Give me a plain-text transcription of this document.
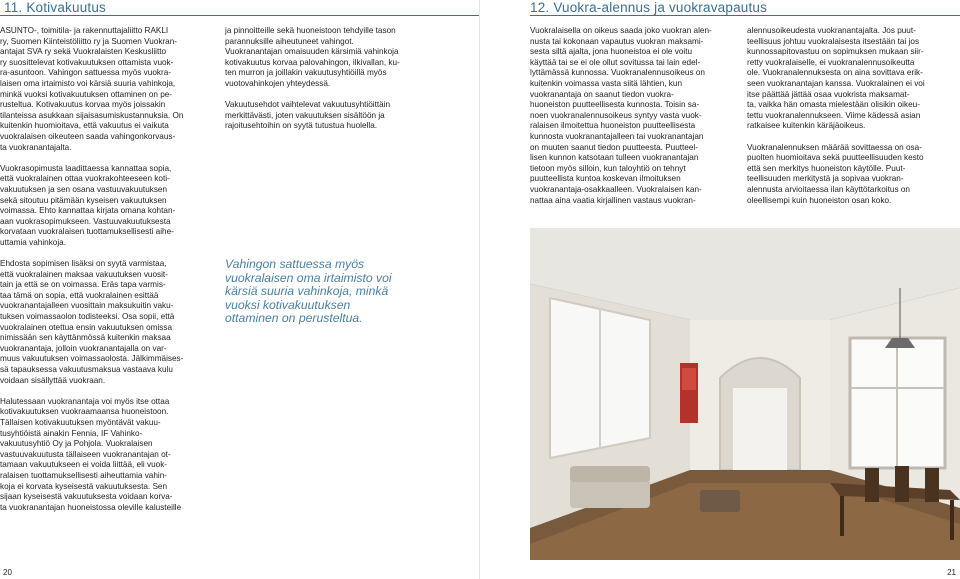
11. Kotivakuutus

ASUNTO-, toimitila- ja rakennuttajaliitto RAKLI
ry, Suomen Kiinteistöliitto ry ja Suomen Vuokran-
antajat SVA ry sekä Vuokralaisten Keskusliitto
ry suosittelevat kotivakuutuksen ottamista vuok-
ra-asuntoon. Vahingon sattuessa myös vuokra-
laisen oma irtaimisto voi kärsiä suuria vahinkoja,
minkä vuoksi kotivakuutuksen ottaminen on pe-
rusteltua. Kotivakuutus korvaa myös joissakin
tilanteissa asukkaan sijaisasumiskustannuksia. On
kuitenkin huomioitava, että vakuutus ei vaikuta
vuokralaisen oikeuteen saada vahingonkorvaus-
ta vuokranantajalta.

Vuokrasopimusta laadittaessa kannattaa sopia,
että vuokralainen ottaa vuokrakohteeseen koti-
vakuutuksen ja sen osana vastuuvakuutuksen
sekä sitoutuu pitämään kyseisen vakuutuksen
voimassa. Ehto kannattaa kirjata omana kohtan-
aan vuokrasopimukseen. Vastuuvakuutuksesta
korvataan vuokralaisen tuottamuksellisesti aihe-
uttamia vahinkoja.

Ehdosta sopimisen lisäksi on syytä varmistaa,
että vuokralainen maksaa vakuutuksen vuosit-
tain ja että se on voimassa. Eräs tapa varmis-
taa tämä on sopia, että vuokralainen esittää
vuokranantajalleen vuosittain maksukuitin vaku-
tuksen voimassaolon todisteeksi. Osa sopii, että
vuokralainen otettua ensin vakuutuksen omissa
nimissään sen käyttänmössä kuitenkin maksaa
vuokranantaja, jolloin vuokranantajalla on var-
muus vakuutuksen voimassaolosta. Jälkimmäises-
sä tapauksessa vakuutusmaksua vastaava kulu
voidaan sisällyttää vuokraan.

Halutessaan vuokranantaja voi myös itse ottaa
kotivakuutuksen vuokraamaansa huoneistoon.
Tällaisen kotivakuutuksen myöntävät vakuu-
tusyhtiöistä ainakin Fennia, IF Vahinko-
vakuutusyhtiö Oy ja Pohjola. Vuokralaisen
vastuuvakuutusta tällaiseen vuokranantajan ot-
tamaan vakuutukseen ei voida liittää, eli vuok-
ralaisen tuottamuksellisesti aiheuttamia vahin-
koja ei korvata kyseisestä vakuutuksesta. Sen
sijaan kyseisestä vakuutuksesta voidaan korva-
ta vuokranantajan huoneistossa oleville kalusteille

ja pinnoitteille sekä huoneistoon tehdyille tason
parannuksille aiheutuneet vahingot.
Vuokranantajan omaisuuden kärsimiä vahinkoja
kotivakuutus korvaa palovahingon, ilkivallan, ku-
ten murron ja joillakin vakuutusyhtiöillä myös
vuotovahinkojen yhteydessä.

Vakuutusehdot vaihtelevat vakuutusyhtiöittäin
merkittävästi, joten vakuutuksen sisältöön ja
rajoitusehtoihin on syytä tutustua huolella.

Vahingon sattuessa myös
vuokralaisen oma irtaimisto voi
kärsiä suuria vahinkoja, minkä
vuoksi kotivakuutuksen
ottaminen on perusteltua.
20
12. Vuokra-alennus ja vuokravapautus

Vuokralaisella on oikeus saada joko vuokran alen-
nusta tai kokonaan vapautus vuokran maksami-
sesta siltä ajalta, jona huoneistoa ei ole voitu
käyttää tai se ei ole ollut sovitussa tai lain edel-
lyttämässä kunnossa. Vuokranalennusoikeus on
kuitenkin voimassa vasta siitä lähtien, kun
vuokranantaja on saanut tiedon vuokra-
huoneiston puutteellisesta kunnosta. Toisin sa-
noen vuokranalennusoikeus syntyy vasta vuok-
ralaisen ilmoitettua huoneiston puutteellisesta
kunnosta vuokranantajalleen tai vuokranantajan
on muuten saanut tiedon puutteesta. Puutteel-
lisen kunnon katsotaan tulleen vuokranantajan
tietoon myös silloin, kun taloyhtiö on tehnyt
puutteellista kuntoa koskevan ilmoituksen
vuokranantaja-osakkaalleen. Vuokralaisen kan-
nattaa aina vaatia kirjallinen vastaus vuokran-

alennusoikeudesta vuokranantajalta. Jos puut-
teellisuus johtuu vuokralaisesta itsestään tai jos
kunnossapitovastuu on sopimuksen mukaan siir-
retty vuokralaiselle, ei vuokranalennusoikeutta
ole. Vuokranalennuksesta on aina sovittava erik-
seen vuokranantajan kanssa. Vuokralainen ei voi
itse päättää jättää osaa vuokrista maksamat-
ta, vaikka hän omasta mielestään olisikin oikeu-
tettu vuokranalennukseen. Viime kädessä asian
ratkaisee kuitenkin käräjäoikeus.

Vuokranalennuksen määrää sovittaessa on osa-
puolten huomioitava sekä puutteellisuuden kesto
että sen merkitys huoneiston käytölle. Puut-
teellisuuden merkitystä ja sopivaa vuokran-
alennusta arvioitaessa ilan käyttötarkoitus on
oleellisempi kuin huoneiston osan koko.

21
